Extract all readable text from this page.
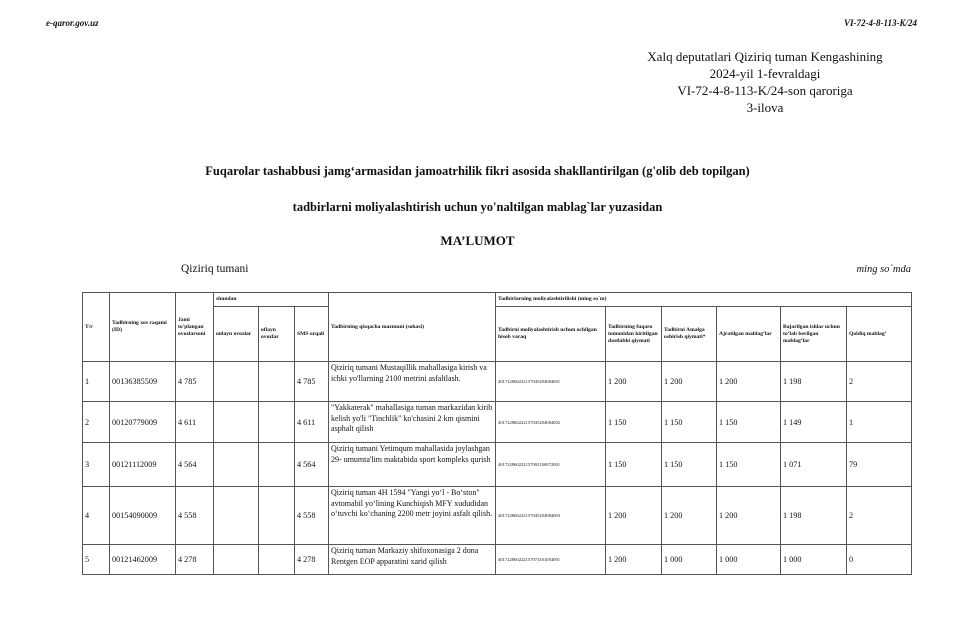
e-qaror.gov.uz	VI-72-4-8-113-K/24
Xalq deputatlari Qiziriq tuman Kengashining
2024-yil 1-fevraldagi
VI-72-4-8-113-K/24-son qaroriga
3-ilova
Fuqarolar tashabbusi jamg‘armasidan jamoatrhilik fikri asosida shakllantirilgan (g'olib deb topilgan)
tadbirlarni moliyalashtirish uchun yo'naltilgan mablag`lar yuzasidan
MA’LUMOT
Qiziriq tumani	ming so`mda
T/r	Tadbirning xos raqami (ID)	Jami to'plangan ovozlarsoni	shundan			Tadbirning qisqacha mazmuni (sohasi)	Tadbirlarning moliyalashtirilishi (ming so`m)					
			onlayn ovozlar	oflayn ovozlar	SMS orqali		Tadbirni moliyalashtirish uchun ochilgan hisob varaq	Tadbirning fuqaro tomonidan kiritilgan dastlabki qiymati	Tadbirni Amalga oshirish qiymati*	Ajratilgan mablag‘lar	Bajarilgan ishlar uchun to‘lab berilgan mablag‘lar	Qoldiq mablag‘
1	00136385509	4 785			4 785	Qiziriq tumani Mustaqillik mahallasiga kirish va ichki yo'llarning 2100 metrini asfaltlash.	401722860222157045204084001	1 200	1 200	1 200	1 198	2
2	00120779009	4 611			4 611	"Yakkaterak" mahallasiga tuman markazidan kirib kelish yo'li "Tinchlik" ko'chasini 2 km qismini asphalt qilish	401722860222157045204084002	1 150	1 150	1 150	1 149	1
3	00121112009	4 564			4 564	Qiziriq tumani Yetimqum mahallasida joylashgan 29- umumta'lim maktabida sport kompleks qurish	401722860222157092100072001	1 150	1 150	1 150	1 071	79
4	00154090009	4 558			4 558	Qiziriq tuman 4H 1594 "Yangi yo‘l - Bo‘ston" avtomabil yo‘lining Kunchiqish MFY xududidan o‘tuvchi ko‘chaning 2200 metr joyini asfalt qilish.	401722860222157045204084003	1 200	1 200	1 200	1 198	2
5	00121462009	4 278			4 278	Qiziriq tuman Markaziy shifoxonasiga 2 dona Rentgen EOP apparatini xarid qilish	401722860222157073101054001	1 200	1 000	1 000	1 000	0
